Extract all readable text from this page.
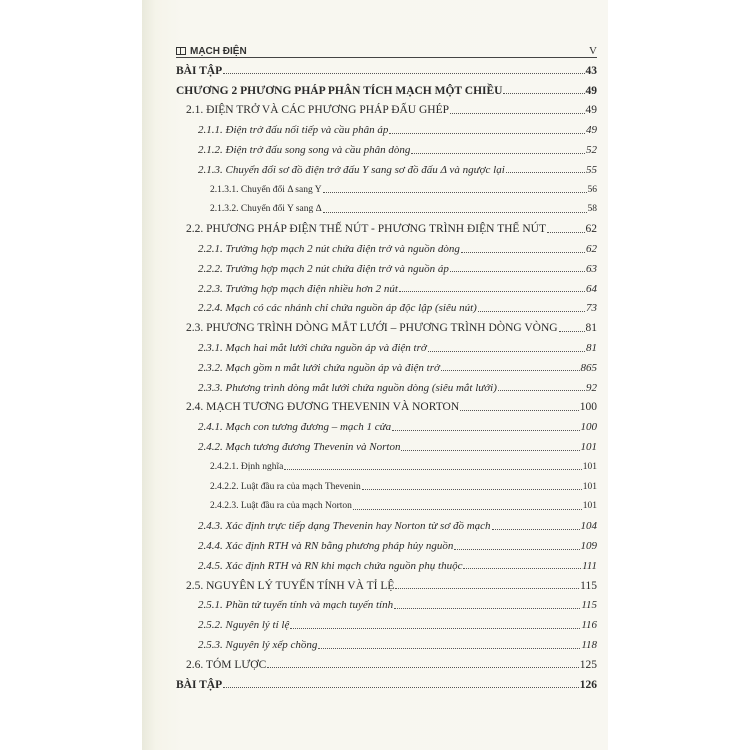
MẠCH ĐIỆN	V
BÀI TẬP	43
CHƯƠNG 2 PHƯƠNG PHÁP PHÂN TÍCH MẠCH MỘT CHIỀU	49
2.1. ĐIỆN TRỞ VÀ CÁC PHƯƠNG PHÁP ĐẤU GHÉP	49
2.1.1. Điện trở đấu nối tiếp và cầu phân áp	49
2.1.2. Điện trở đấu song song và cầu phân dòng	52
2.1.3. Chuyển đổi sơ đồ điện trở đấu Y sang sơ đồ đấu Δ và ngược lại	55
2.1.3.1. Chuyển đổi Δ sang Y	56
2.1.3.2. Chuyển đổi Y sang Δ	58
2.2. PHƯƠNG PHÁP ĐIỆN THẾ NÚT - PHƯƠNG TRÌNH ĐIỆN THẾ NÚT	62
2.2.1. Trường hợp mạch 2 nút chứa điện trở và nguồn dòng	62
2.2.2. Trường hợp mạch 2 nút chứa điện trở và nguồn áp	63
2.2.3. Trường hợp mạch điện nhiều hơn 2 nút	64
2.2.4. Mạch có các nhánh chỉ chứa nguồn áp độc lập (siêu nút)	73
2.3. PHƯƠNG TRÌNH DÒNG MẮT LƯỚI – PHƯƠNG TRÌNH DÒNG VÒNG 81
2.3.1. Mạch hai mắt lưới chứa nguồn áp và điện trở	81
2.3.2. Mạch gồm n mắt lưới chứa nguồn áp và điện trở	865
2.3.3. Phương trình dòng mắt lưới chứa nguồn dòng (siêu mắt lưới)	92
2.4. MẠCH TƯƠNG ĐƯƠNG THEVENIN VÀ NORTON	100
2.4.1. Mạch con tương đương – mạch 1 cửa	100
2.4.2. Mạch tương đương Thevenin và Norton	101
2.4.2.1. Định nghĩa	101
2.4.2.2. Luật đầu ra của mạch Thevenin	101
2.4.2.3. Luật đầu ra của mạch Norton	101
2.4.3. Xác định trực tiếp dạng Thevenin hay Norton từ sơ đồ mạch	104
2.4.4. Xác định RTH và RN bằng phương pháp hủy nguồn	109
2.4.5. Xác định RTH và RN khi mạch chứa nguồn phụ thuộc	111
2.5. NGUYÊN LÝ TUYẾN TÍNH VÀ TỈ LỆ	115
2.5.1. Phần tử tuyến tính và mạch tuyến tính	115
2.5.2. Nguyên lý tỉ lệ	116
2.5.3. Nguyên lý xếp chồng	118
2.6. TÓM LƯỢC	125
BÀI TẬP	126
